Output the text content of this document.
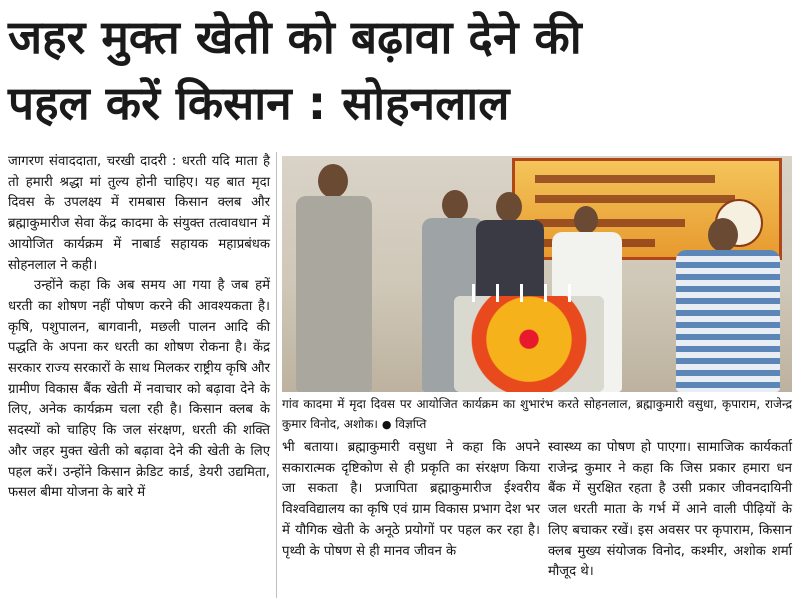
जहर मुक्त खेती को बढ़ावा देने की
पहल करें किसान : सोहनलाल

जागरण संवाददाता, चरखी दादरी : धरती यदि माता है तो हमारी श्रद्धा मां तुल्य होनी चाहिए। यह बात मृदा दिवस के उपलक्ष्य में रामबास किसान क्लब और ब्रह्माकुमारीज सेवा केंद्र कादमा के संयुक्त तत्वावधान में आयोजित कार्यक्रम में नाबार्ड सहायक महाप्रबंधक सोहनलाल ने कही।

उन्होंने कहा कि अब समय आ गया है जब हमें धरती का शोषण नहीं पोषण करने की आवश्यकता है। कृषि, पशुपालन, बागवानी, मछली पालन आदि की पद्धति के अपना कर धरती का शोषण रोकना है। केंद्र सरकार राज्य सरकारों के साथ मिलकर राष्ट्रीय कृषि और ग्रामीण विकास बैंक खेती में नवाचार को बढ़ावा देने के लिए, अनेक कार्यक्रम चला रही है। किसान क्लब के सदस्यों को चाहिए कि जल संरक्षण, धरती की शक्ति और जहर मुक्त खेती को बढ़ावा देने की खेती के लिए पहल करें। उन्होंने किसान क्रेडिट कार्ड, डेयरी उद्यमिता, फसल बीमा योजना के बारे में

गांव कादमा में मृदा दिवस पर आयोजित कार्यक्रम का शुभारंभ करते सोहनलाल, ब्रह्माकुमारी वसुधा, कृपाराम, राजेन्द्र कुमार विनोद, अशोक। ● विज्ञप्ति

भी बताया। ब्रह्माकुमारी वसुधा ने कहा कि अपने सकारात्मक दृष्टिकोण से ही प्रकृति का संरक्षण किया जा सकता है। प्रजापिता ब्रह्माकुमारीज ईश्वरीय विश्वविद्यालय का कृषि एवं ग्राम विकास प्रभाग देश भर में यौगिक खेती के अनूठे प्रयोगों पर पहल कर रहा है। पृथ्वी के पोषण से ही मानव जीवन के

स्वास्थ्य का पोषण हो पाएगा। सामाजिक कार्यकर्ता राजेन्द्र कुमार ने कहा कि जिस प्रकार हमारा धन बैंक में सुरक्षित रहता है उसी प्रकार जीवनदायिनी जल धरती माता के गर्भ में आने वाली पीढ़ियों के लिए बचाकर रखें। इस अवसर पर कृपाराम, किसान क्लब मुख्य संयोजक विनोद, कश्मीर, अशोक शर्मा मौजूद थे।
